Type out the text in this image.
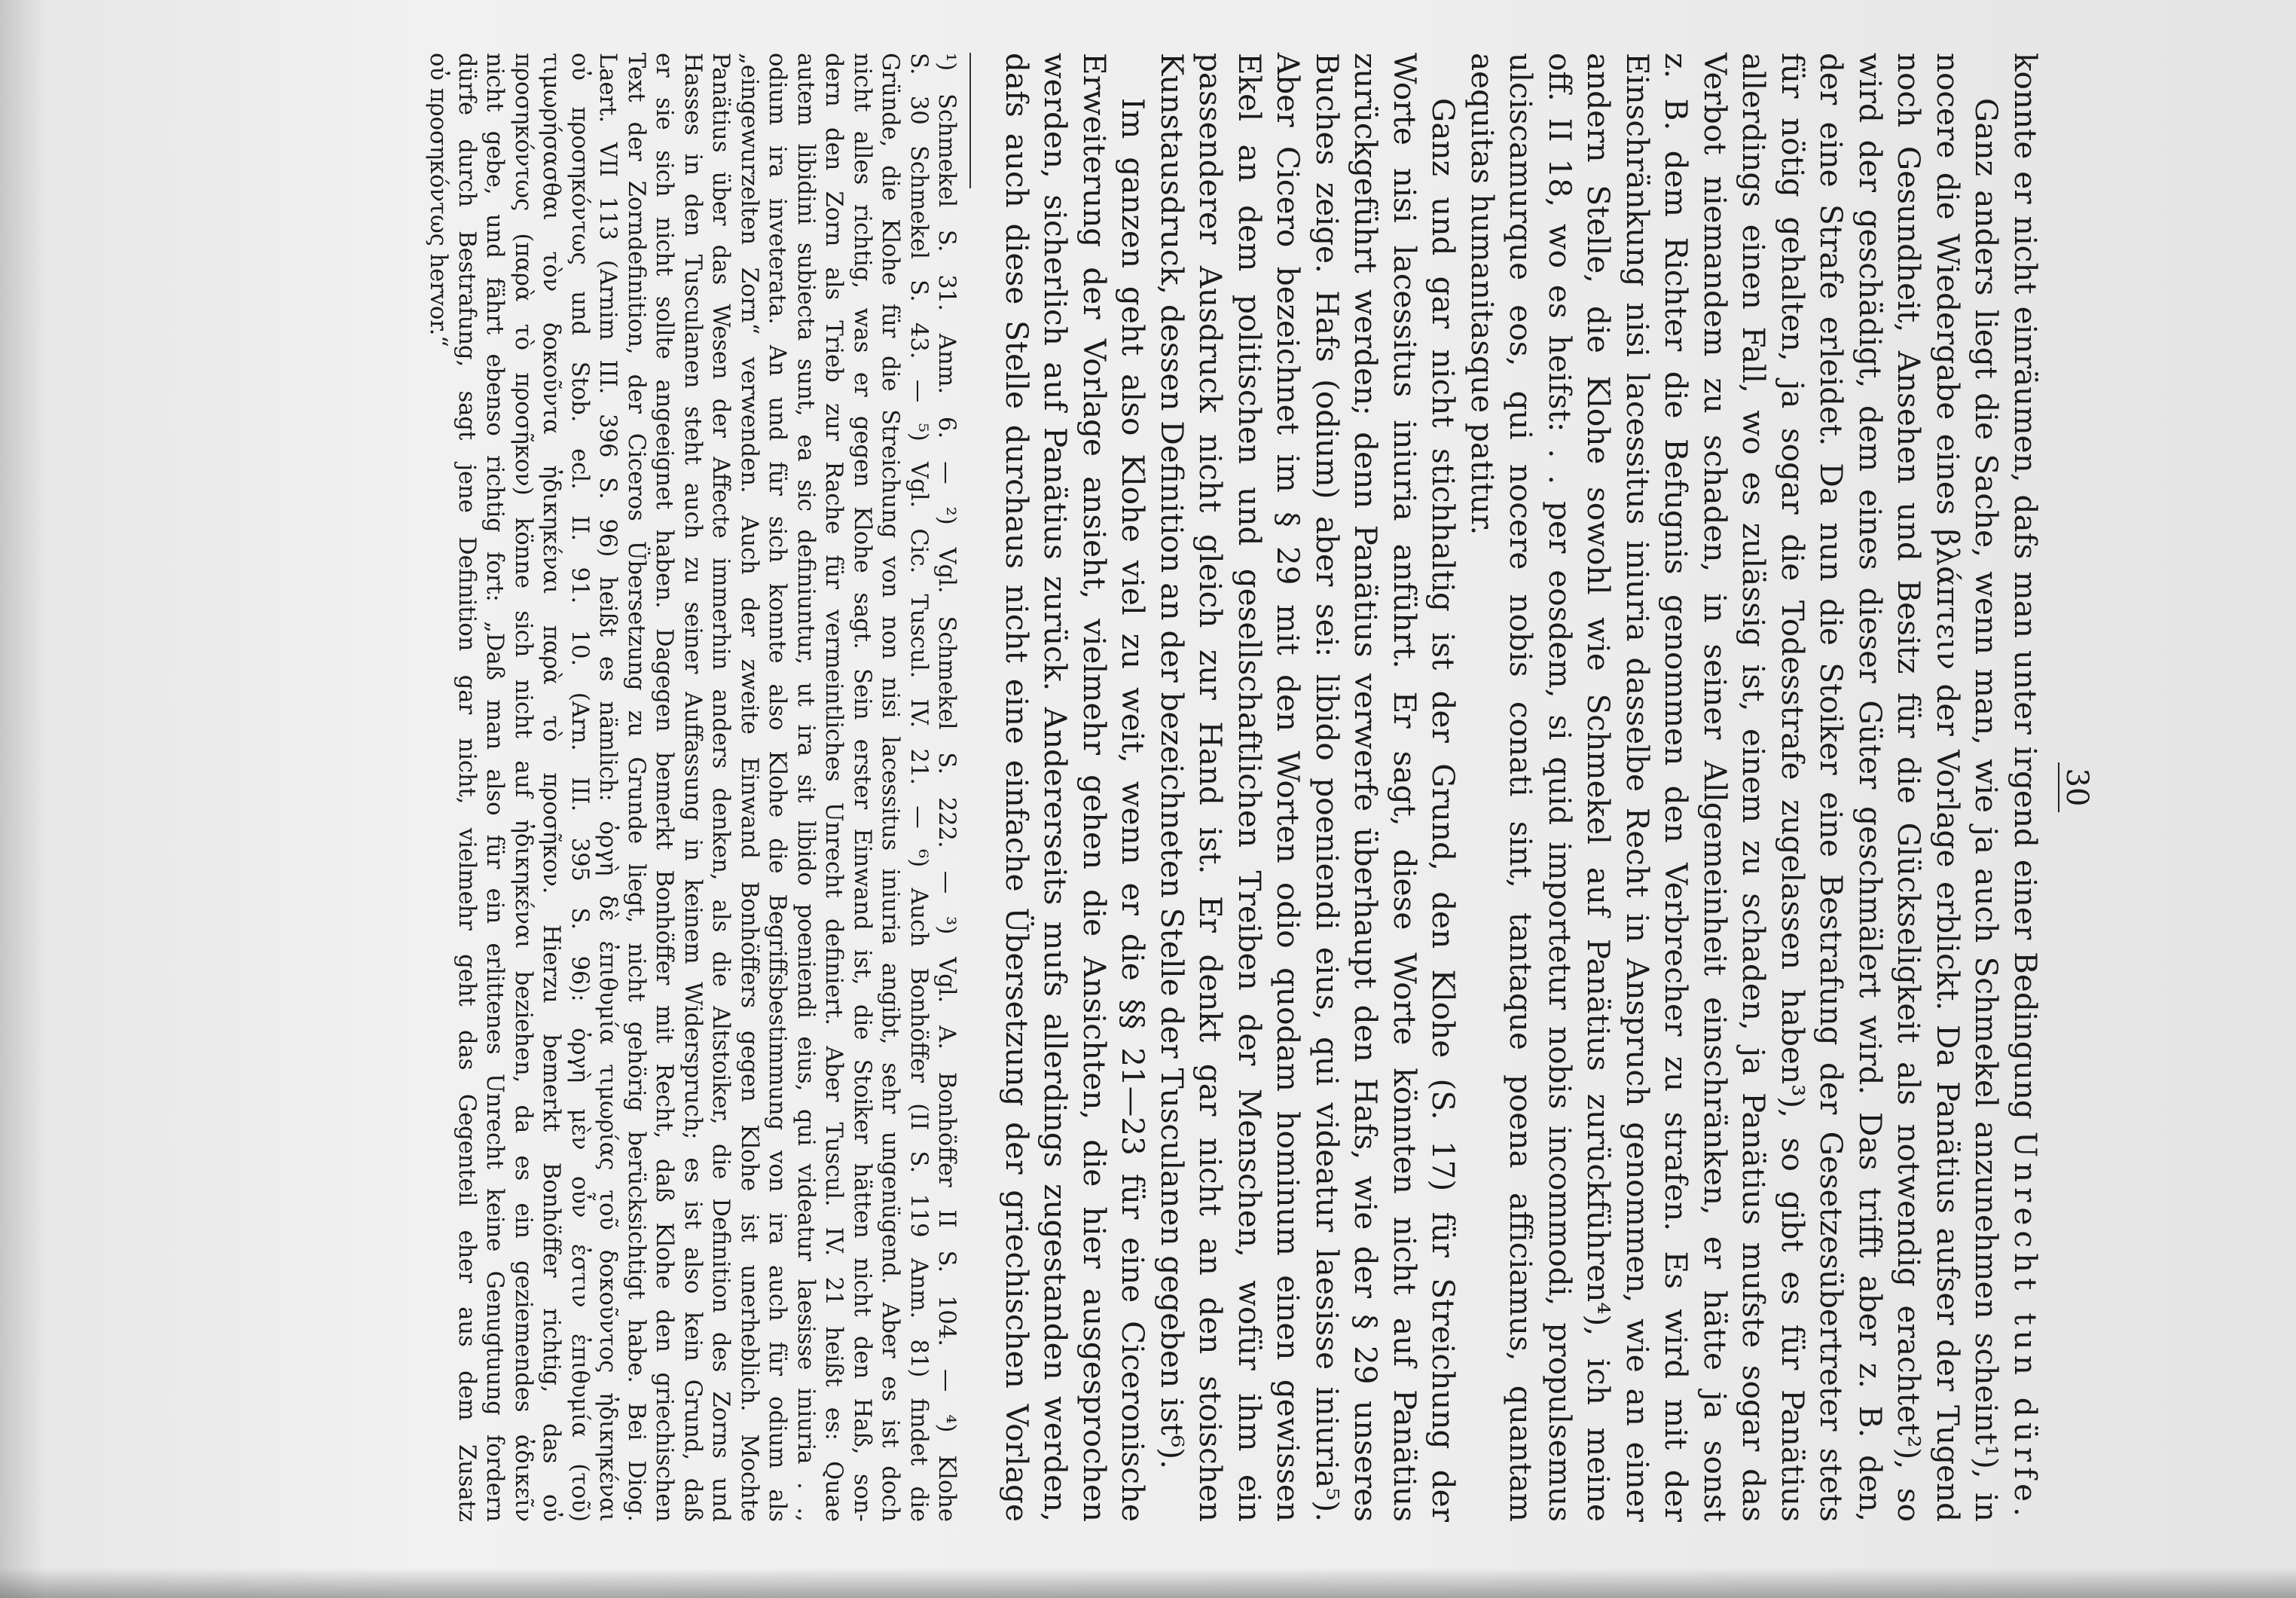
30

konnte er nicht einräumen, dafs man unter irgend einer Bedingung Unrecht tun dürfe.

Ganz anders liegt die Sache, wenn man, wie ja auch Schmekel anzunehmen scheint¹), in

nocere die Wiedergabe eines βλάπτειν der Vorlage erblickt. Da Panätius aufser der Tugend

noch Gesundheit, Ansehen und Besitz für die Glückseligkeit als notwendig erachtet²), so

wird der geschädigt, dem eines dieser Güter geschmälert wird. Das trifft aber z. B. den,

der eine Strafe erleidet. Da nun die Stoiker eine Bestrafung der Gesetzesübertreter stets

für nötig gehalten, ja sogar die Todesstrafe zugelassen haben³), so gibt es für Panätius

allerdings einen Fall, wo es zulässig ist, einem zu schaden, ja Panätius mufste sogar das

Verbot niemandem zu schaden, in seiner Allgemeinheit einschränken, er hätte ja sonst

z. B. dem Richter die Befugnis genommen den Verbrecher zu strafen. Es wird mit der

Einschränkung nisi lacessitus iniuria dasselbe Recht in Anspruch genommen, wie an einer

andern Stelle, die Klohe sowohl wie Schmekel auf Panätius zurückführen⁴), ich meine

off. II 18, wo es heifst: . . per eosdem, si quid importetur nobis incommodi, propulsemus

ulciscamurque eos, qui nocere nobis conati sint, tantaque poena afficiamus, quantam

aequitas humanitasque patitur.

Ganz und gar nicht stichhaltig ist der Grund, den Klohe (S. 17) für Streichung der

Worte nisi lacessitus iniuria anführt. Er sagt, diese Worte könnten nicht auf Panätius

zurückgeführt werden; denn Panätius verwerfe überhaupt den Hafs, wie der § 29 unseres

Buches zeige. Hafs (odium) aber sei: libido poeniendi eius, qui videatur laesisse iniuria⁵).

Aber Cicero bezeichnet im § 29 mit den Worten odio quodam hominum einen gewissen

Ekel an dem politischen und gesellschaftlichen Treiben der Menschen, wofür ihm ein

passenderer Ausdruck nicht gleich zur Hand ist. Er denkt gar nicht an den stoischen

Kunstausdruck, dessen Definition an der bezeichneten Stelle der Tusculanen gegeben ist⁶).

Im ganzen geht also Klohe viel zu weit, wenn er die §§ 21—23 für eine Ciceronische

Erweiterung der Vorlage ansieht, vielmehr gehen die Ansichten, die hier ausgesprochen

werden, sicherlich auf Panätius zurück. Andererseits mufs allerdings zugestanden werden,

dafs auch diese Stelle durchaus nicht eine einfache Übersetzung der griechischen Vorlage

¹) Schmekel S. 31. Anm. 6. — ²) Vgl. Schmekel S. 222. — ³) Vgl. A. Bonhöffer II S. 104. — ⁴) Klohe

S. 30 Schmekel S. 43. — ⁵) Vgl. Cic. Tuscul. IV. 21. — ⁶) Auch Bonhöffer (II S. 119 Anm. 81) findet die

Gründe, die Klohe für die Streichung von non nisi lacessitus iniuria angibt, sehr ungenügend. Aber es ist doch

nicht alles richtig, was er gegen Klohe sagt. Sein erster Einwand ist, die Stoiker hätten nicht den Haß, son-

dern den Zorn als Trieb zur Rache für vermeintliches Unrecht definiert. Aber Tuscul. IV. 21 heißt es: Quae

autem libidini subiecta sunt, ea sic definiuntur, ut ira sit libido poeniendi eius, qui videatur laesisse iniuria . .,

odium ira inveterata. An und für sich konnte also Klohe die Begriffsbestimmung von ira auch für odium als

„eingewurzelten Zorn“ verwenden. Auch der zweite Einwand Bonhöffers gegen Klohe ist unerheblich. Mochte

Panätius über das Wesen der Affecte immerhin anders denken, als die Altstoiker, die Definition des Zorns und

Hasses in den Tusculanen steht auch zu seiner Auffassung in keinem Widerspruch; es ist also kein Grund, daß

er sie sich nicht sollte angeeignet haben. Dagegen bemerkt Bonhöffer mit Recht, daß Klohe den griechischen

Text der Zorndefinition, der Ciceros Übersetzung zu Grunde liegt, nicht gehörig berücksichtigt habe. Bei Diog.

Laert. VII 113 (Arnim III. 396 S. 96) heißt es nämlich: ὀργὴ δὲ ἐπιθυμία τιμωρίας τοῦ δοκοῦντος ἠδικηκέναι

οὐ προσηκόντως und Stob. ecl. II. 91. 10. (Arn. III. 395 S. 96): ὀργὴ μὲν οὖν ἐστιν ἐπιθυμία (τοῦ)

τιμωρήσασθαι τὸν δοκοῦντα ἠδικηκέναι παρὰ τὸ προσῆκον. Hierzu bemerkt Bonhöffer richtig, das οὐ

προσηκόντως (παρὰ τὸ προσῆκον) könne sich nicht auf ἠδικηκέναι beziehen, da es ein geziemendes ἀδικεῖν

nicht gebe, und fährt ebenso richtig fort: „Daß man also für ein erlittenes Unrecht keine Genugtuung fordern

dürfe durch Bestrafung, sagt jene Definition gar nicht, vielmehr geht das Gegenteil eher aus dem Zusatz

οὐ προσηκόντως hervor.“
